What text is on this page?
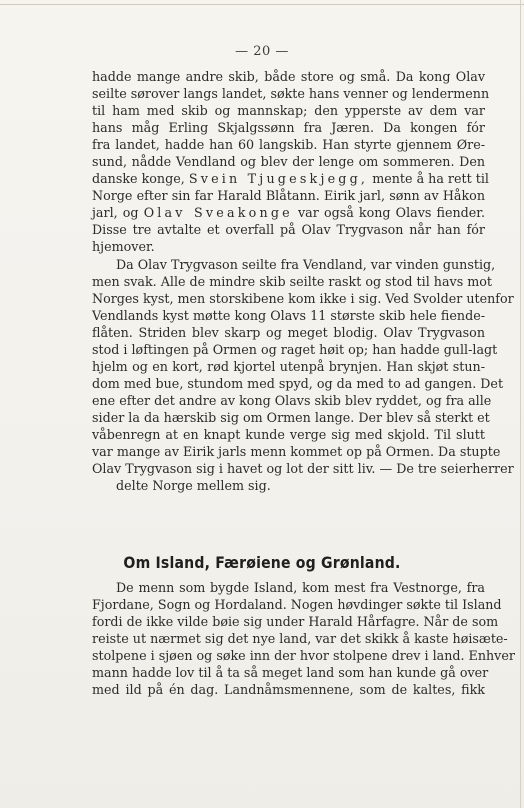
— 20 —
hadde mange andre skib, både store og små. Da kong Olav
seilte sørover langs landet, søkte hans venner og lendermenn
til ham med skib og mannskap; den ypperste av dem var
hans måg Erling Skjalgssønn fra Jæren. Da kongen fór
fra landet, hadde han 60 langskib. Han styrte gjennem Øre-
sund, nådde Vendland og blev der lenge om sommeren. Den
danske konge, Svein Tjugeskjegg, mente å ha rett til
Norge efter sin far Harald Blåtann. Eirik jarl, sønn av Håkon
jarl, og Olav Sveakonge var også kong Olavs fiender.
Disse tre avtalte et overfall på Olav Trygvason når han fór
hjemover.
Da Olav Trygvason seilte fra Vendland, var vinden gunstig,
men svak. Alle de mindre skib seilte raskt og stod til havs mot
Norges kyst, men storskibene kom ikke i sig. Ved Svolder utenfor
Vendlands kyst møtte kong Olavs 11 største skib hele fiende-
flåten. Striden blev skarp og meget blodig. Olav Trygvason
stod i løftingen på Ormen og raget høit op; han hadde gull-lagt
hjelm og en kort, rød kjortel utenpå brynjen. Han skjøt stun-
dom med bue, stundom med spyd, og da med to ad gangen. Det
ene efter det andre av kong Olavs skib blev ryddet, og fra alle
sider la da hærskib sig om Ormen lange. Der blev så sterkt et
våbenregn at en knapt kunde verge sig med skjold. Til slutt
var mange av Eirik jarls menn kommet op på Ormen. Da stupte
Olav Trygvason sig i havet og lot der sitt liv. — De tre seierherrer
delte Norge mellem sig.
Om Island, Færøiene og Grønland.
De menn som bygde Island, kom mest fra Vestnorge, fra
Fjordane, Sogn og Hordaland. Nogen høvdinger søkte til Island
fordi de ikke vilde bøie sig under Harald Hårfagre. Når de som
reiste ut nærmet sig det nye land, var det skikk å kaste høisæte-
stolpene i sjøen og søke inn der hvor stolpene drev i land. Enhver
mann hadde lov til å ta så meget land som han kunde gå over
med ild på én dag. Landnåmsmennene, som de kaltes, fikk
